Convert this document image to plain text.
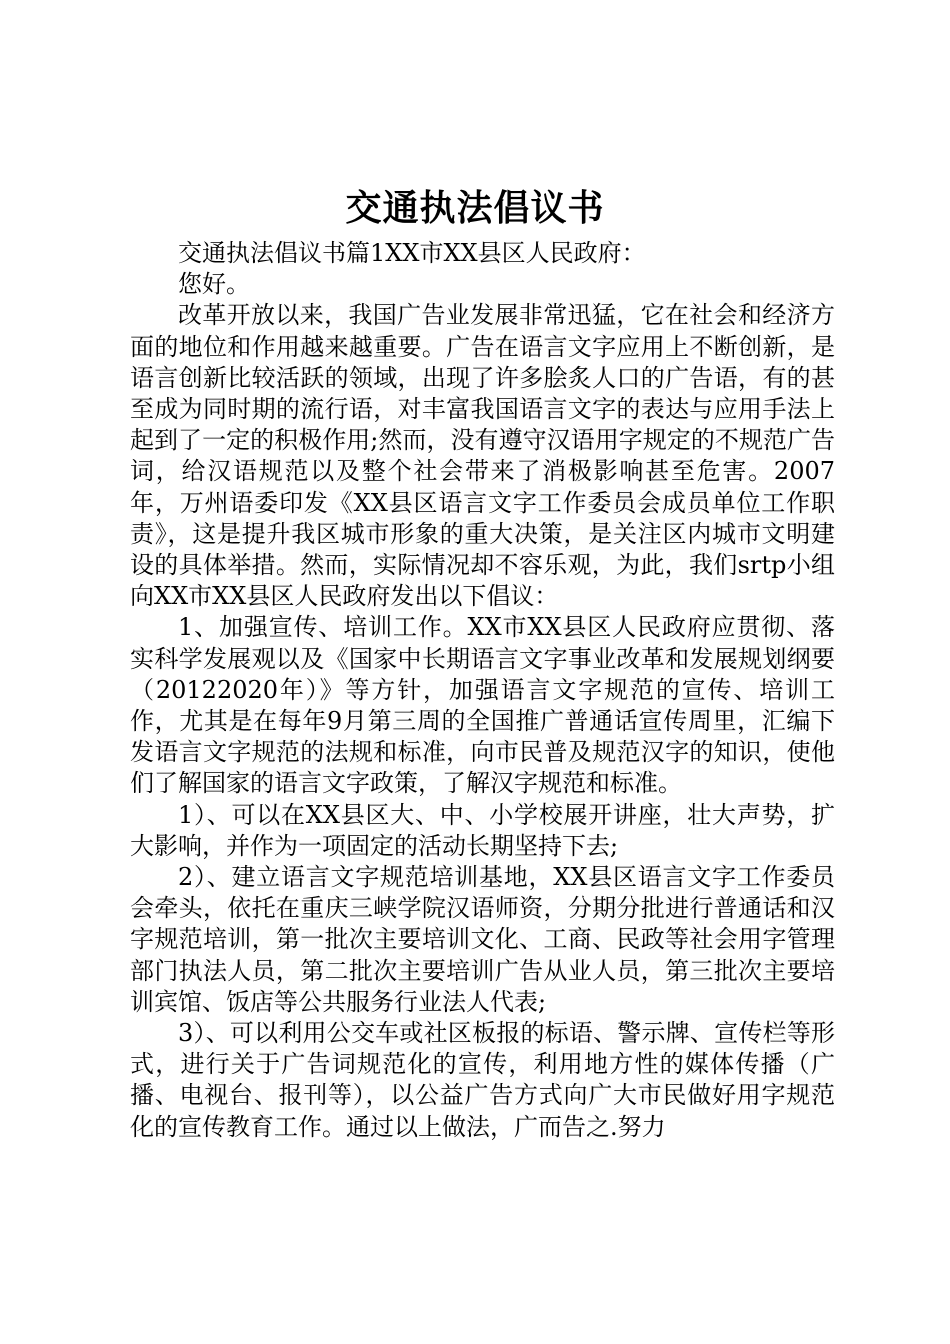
交通执法倡议书

交通执法倡议书篇1XX市XX县区人民政府：

您好。

改革开放以来，我国广告业发展非常迅猛，它在社会和经济方面的地位和作用越来越重要。广告在语言文字应用上不断创新，是语言创新比较活跃的领域，出现了许多脍炙人口的广告语，有的甚至成为同时期的流行语，对丰富我国语言文字的表达与应用手法上起到了一定的积极作用;然而，没有遵守汉语用字规定的不规范广告词，给汉语规范以及整个社会带来了消极影响甚至危害。2007年，万州语委印发《XX县区语言文字工作委员会成员单位工作职责》，这是提升我区城市形象的重大决策，是关注区内城市文明建设的具体举措。然而，实际情况却不容乐观，为此，我们srtp小组向XX市XX县区人民政府发出以下倡议：

1、加强宣传、培训工作。XX市XX县区人民政府应贯彻、落实科学发展观以及《国家中长期语言文字事业改革和发展规划纲要（20122020年）》等方针，加强语言文字规范的宣传、培训工作，尤其是在每年9月第三周的全国推广普通话宣传周里，汇编下发语言文字规范的法规和标准，向市民普及规范汉字的知识，使他们了解国家的语言文字政策，了解汉字规范和标准。

1）、可以在XX县区大、中、小学校展开讲座，壮大声势，扩大影响，并作为一项固定的活动长期坚持下去;

2）、建立语言文字规范培训基地，XX县区语言文字工作委员会牵头，依托在重庆三峡学院汉语师资，分期分批进行普通话和汉字规范培训，第一批次主要培训文化、工商、民政等社会用字管理部门执法人员，第二批次主要培训广告从业人员，第三批次主要培训宾馆、饭店等公共服务行业法人代表;

3）、可以利用公交车或社区板报的标语、警示牌、宣传栏等形式，进行关于广告词规范化的宣传，利用地方性的媒体传播（广播、电视台、报刊等），以公益广告方式向广大市民做好用字规范化的宣传教育工作。通过以上做法，广而告之.努力
